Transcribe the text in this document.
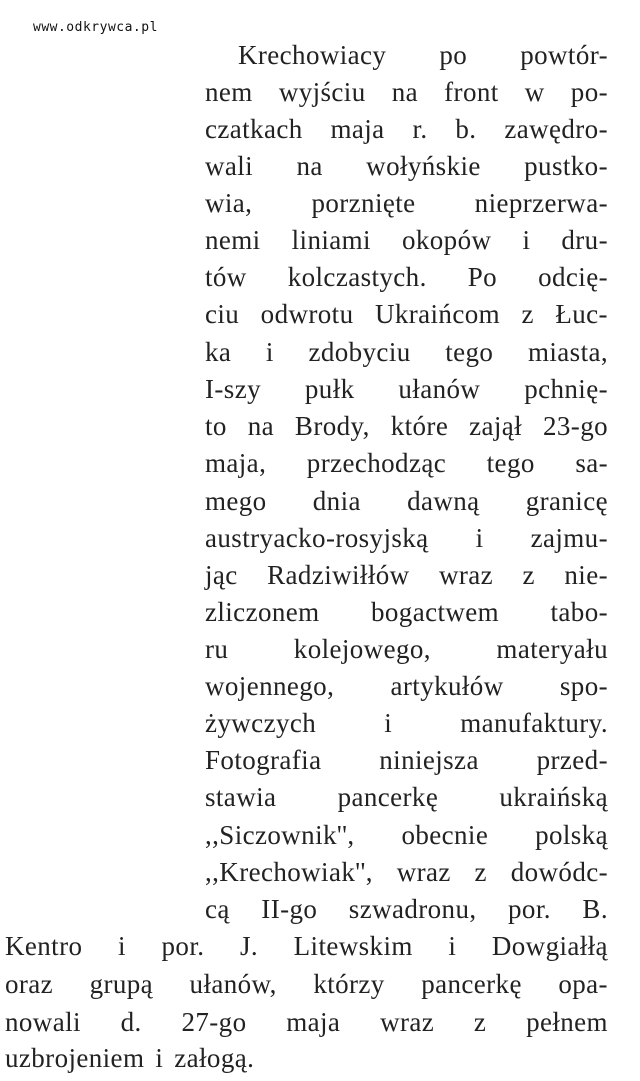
www.odkrywca.pl
Krechowiacy po powtór-
nem wyjściu na front w po-
czatkach maja r. b. zawędro-
wali na wołyńskie pustko-
wia, porznięte nieprzerwa-
nemi liniami okopów i dru-
tów kolczastych. Po odcię-
ciu odwrotu Ukraińcom z Łuc-
ka i zdobyciu tego miasta,
I-szy pułk ułanów pchnię-
to na Brody, które zajął 23-go
maja, przechodząc tego sa-
mego dnia dawną granicę
austryacko-rosyjską i zajmu-
jąc Radziwiłłów wraz z nie-
zliczonem bogactwem tabo-
ru kolejowego, materyału
wojennego, artykułów spo-
żywczych	i	manufaktury.
Fotografia niniejsza przed-
stawia pancerkę ukraińską
,,Siczownik'', obecnie polską
,,Krechowiak'', wraz z dowódc-
cą II-go szwadronu, por. B.
Kentro i por. J. Litewskim i Dowgiałłą
oraz grupą ułanów, którzy pancerkę opa-
nowali d. 27-go maja wraz z pełnem
uzbrojeniem i załogą.
